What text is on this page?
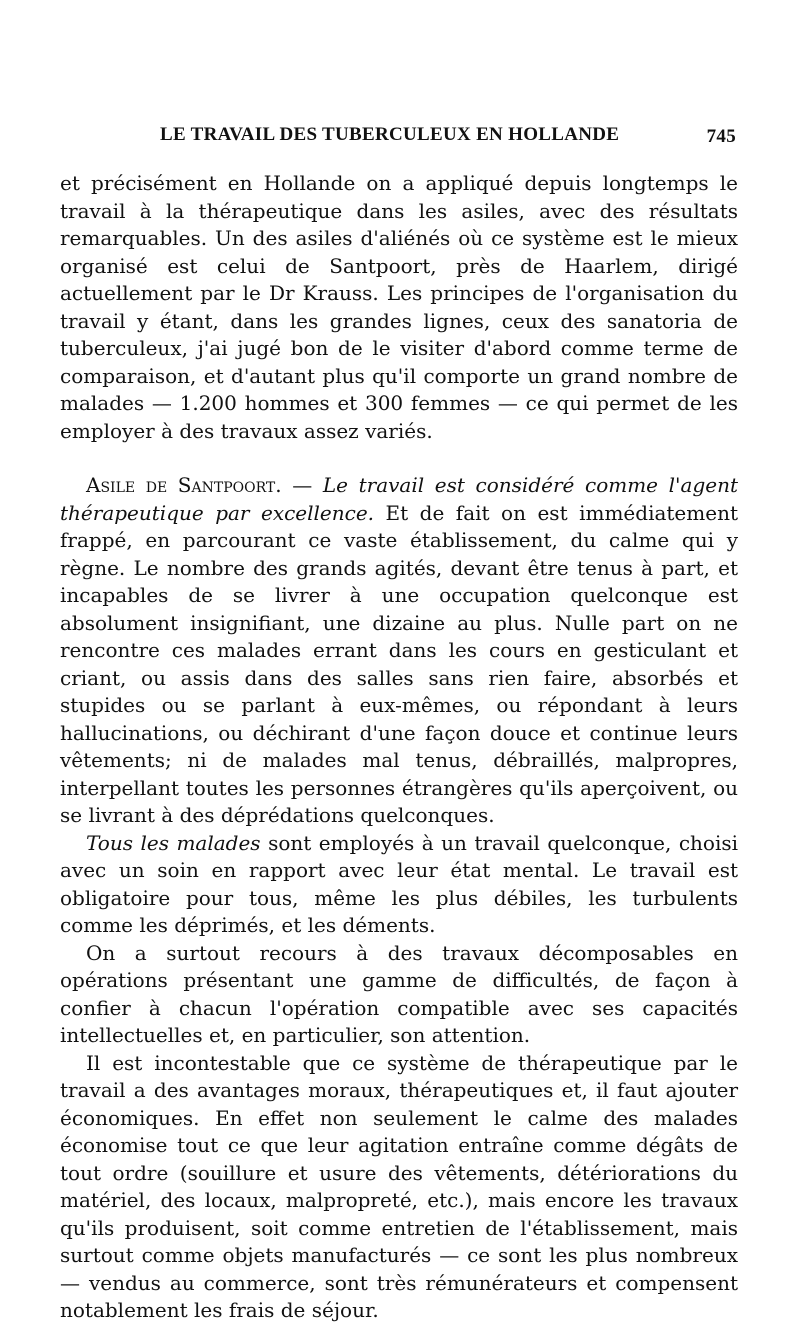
LE TRAVAIL DES TUBERCULEUX EN HOLLANDE	745

et précisément en Hollande on a appliqué depuis longtemps le travail à la thérapeutique dans les asiles, avec des résultats remarquables. Un des asiles d'aliénés où ce système est le mieux organisé est celui de Santpoort, près de Haarlem, dirigé actuellement par le Dr Krauss. Les principes de l'organisation du travail y étant, dans les grandes lignes, ceux des sanatoria de tuberculeux, j'ai jugé bon de le visiter d'abord comme terme de comparaison, et d'autant plus qu'il comporte un grand nombre de malades — 1.200 hommes et 300 femmes — ce qui permet de les employer à des travaux assez variés.

Asile de Santpoort. — Le travail est considéré comme l'agent thérapeutique par excellence. Et de fait on est immédiatement frappé, en parcourant ce vaste établissement, du calme qui y règne. Le nombre des grands agités, devant être tenus à part, et incapables de se livrer à une occupation quelconque est absolument insignifiant, une dizaine au plus. Nulle part on ne rencontre ces malades errant dans les cours en gesticulant et criant, ou assis dans des salles sans rien faire, absorbés et stupides ou se parlant à eux-mêmes, ou répondant à leurs hallucinations, ou déchirant d'une façon douce et continue leurs vêtements; ni de malades mal tenus, débraillés, malpropres, interpellant toutes les personnes étrangères qu'ils aperçoivent, ou se livrant à des déprédations quelconques.

Tous les malades sont employés à un travail quelconque, choisi avec un soin en rapport avec leur état mental. Le travail est obligatoire pour tous, même les plus débiles, les turbulents comme les déprimés, et les déments.

On a surtout recours à des travaux décomposables en opérations présentant une gamme de difficultés, de façon à confier à chacun l'opération compatible avec ses capacités intellectuelles et, en particulier, son attention.

Il est incontestable que ce système de thérapeutique par le travail a des avantages moraux, thérapeutiques et, il faut ajouter économiques. En effet non seulement le calme des malades économise tout ce que leur agitation entraîne comme dégâts de tout ordre (souillure et usure des vêtements, détériorations du matériel, des locaux, malpropreté, etc.), mais encore les travaux qu'ils produisent, soit comme entretien de l'établissement, mais surtout comme objets manufacturés — ce sont les plus nombreux — vendus au commerce, sont très rémunérateurs et compensent notablement les frais de séjour.
